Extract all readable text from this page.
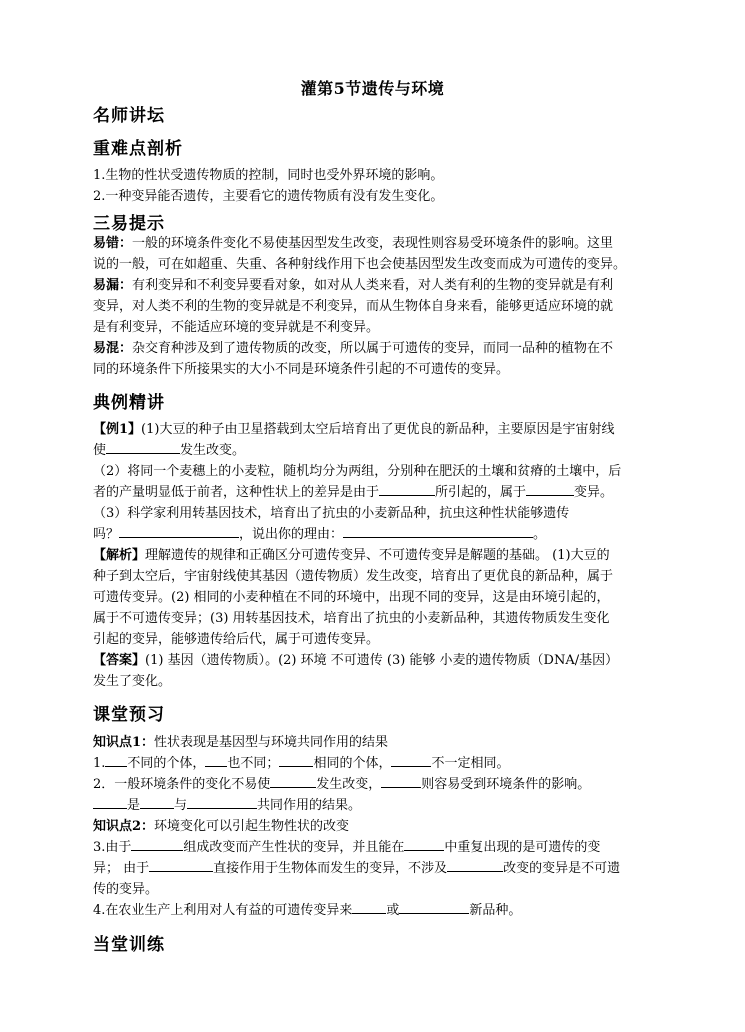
灌第5节遗传与环境
名师讲坛
重难点剖析
1.生物的性状受遗传物质的控制，同时也受外界环境的影响。
2.一种变异能否遗传，主要看它的遗传物质有没有发生变化。
三易提示
易错：一般的环境条件变化不易使基因型发生改变，表现性则容易受环境条件的影响。这里
说的一般，可在如超重、失重、各种射线作用下也会使基因型发生改变而成为可遗传的变异。
易漏：有利变异和不利变异要看对象，如对从人类来看，对人类有利的生物的变异就是有利
变异，对人类不利的生物的变异就是不利变异，而从生物体自身来看，能够更适应环境的就
是有利变异，不能适应环境的变异就是不利变异。
易混：杂交育种涉及到了遗传物质的改变，所以属于可遗传的变异，而同一品种的植物在不
同的环境条件下所接果实的大小不同是环境条件引起的不可遗传的变异。
典例精讲
【例1】(1)大豆的种子由卫星搭载到太空后培育出了更优良的新品种，主要原因是宇宙射线
使	发生改变。
（2）将同一个麦穗上的小麦粒，随机均分为两组，分别种在肥沃的土壤和贫瘠的土壤中，后
者的产量明显低于前者，这种性状上的差异是由于	所引起的，属于	变异。
（3）科学家利用转基因技术，培育出了抗虫的小麦新品种，抗虫这种性状能够遗传
吗？	，说出你的理由：	。
【解析】理解遗传的规律和正确区分可遗传变异、不可遗传变异是解题的基础。 (1)大豆的
种子到太空后，宇宙射线使其基因（遗传物质）发生改变，培育出了更优良的新品种，属于
可遗传变异。(2) 相同的小麦种植在不同的环境中，出现不同的变异，这是由环境引起的，
属于不可遗传变异；(3) 用转基因技术，培育出了抗虫的小麦新品种，其遗传物质发生变化
引起的变异，能够遗传给后代，属于可遗传变异。
【答案】(1) 基因（遗传物质）。(2) 环境 不可遗传 (3) 能够 小麦的遗传物质（DNA/基因）
发生了变化。
课堂预习
知识点1：性状表现是基因型与环境共同作用的结果
1. 不同的个体， 也不同；	相同的个体，	不一定相同。
2．一般环境条件的变化不易使	发生改变，	则容易受到环境条件的影响。
是	与	共同作用的结果。
知识点2：环境变化可以引起生物性状的改变
3.由于	组成改变而产生性状的变异，并且能在	中重复出现的是可遗传的变
异； 由于	直接作用于生物体而发生的变异，不涉及	改变的变异是不可遗
传的变异。
4.在农业生产上利用对人有益的可遗传变异来	或	新品种。
当堂训练
